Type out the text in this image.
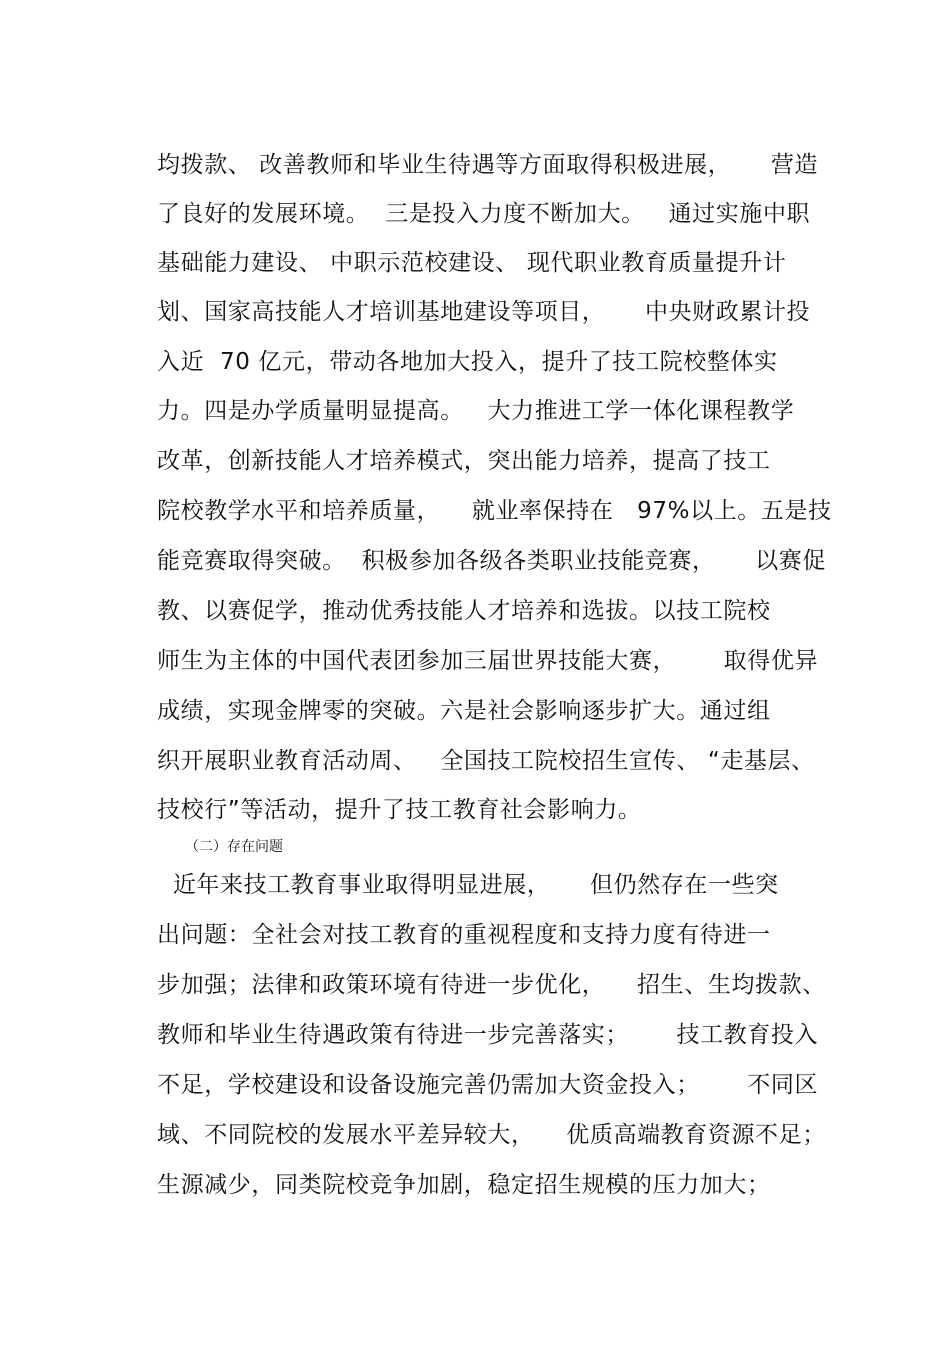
均拨款、 改善教师和毕业生待遇等方面取得积极进展，     营造
了良好的发展环境。  三是投入力度不断加大。   通过实施中职
基础能力建设、 中职示范校建设、 现代职业教育质量提升计
划、国家高技能人才培训基地建设等项目，     中央财政累计投
入近  70 亿元，带动各地加大投入，提升了技工院校整体实
力。四是办学质量明显提高。   大力推进工学一体化课程教学
改革，创新技能人才培养模式，突出能力培养，提高了技工
院校教学水平和培养质量，    就业率保持在   97%以上。五是技
能竞赛取得突破。  积极参加各级各类职业技能竞赛，     以赛促
教、以赛促学，推动优秀技能人才培养和选拔。以技工院校
师生为主体的中国代表团参加三届世界技能大赛，      取得优异
成绩，实现金牌零的突破。六是社会影响逐步扩大。通过组
织开展职业教育活动周、   全国技工院校招生宣传、 “走基层、
技校行”等活动，提升了技工教育社会影响力。
（二）存在问题
近年来技工教育事业取得明显进展，     但仍然存在一些突
出问题：全社会对技工教育的重视程度和支持力度有待进一
步加强；法律和政策环境有待进一步优化，    招生、生均拨款、
教师和毕业生待遇政策有待进一步完善落实；      技工教育投入
不足，学校建设和设备设施完善仍需加大资金投入；      不同区
域、不同院校的发展水平差异较大，    优质高端教育资源不足；
生源减少，同类院校竞争加剧，稳定招生规模的压力加大；
